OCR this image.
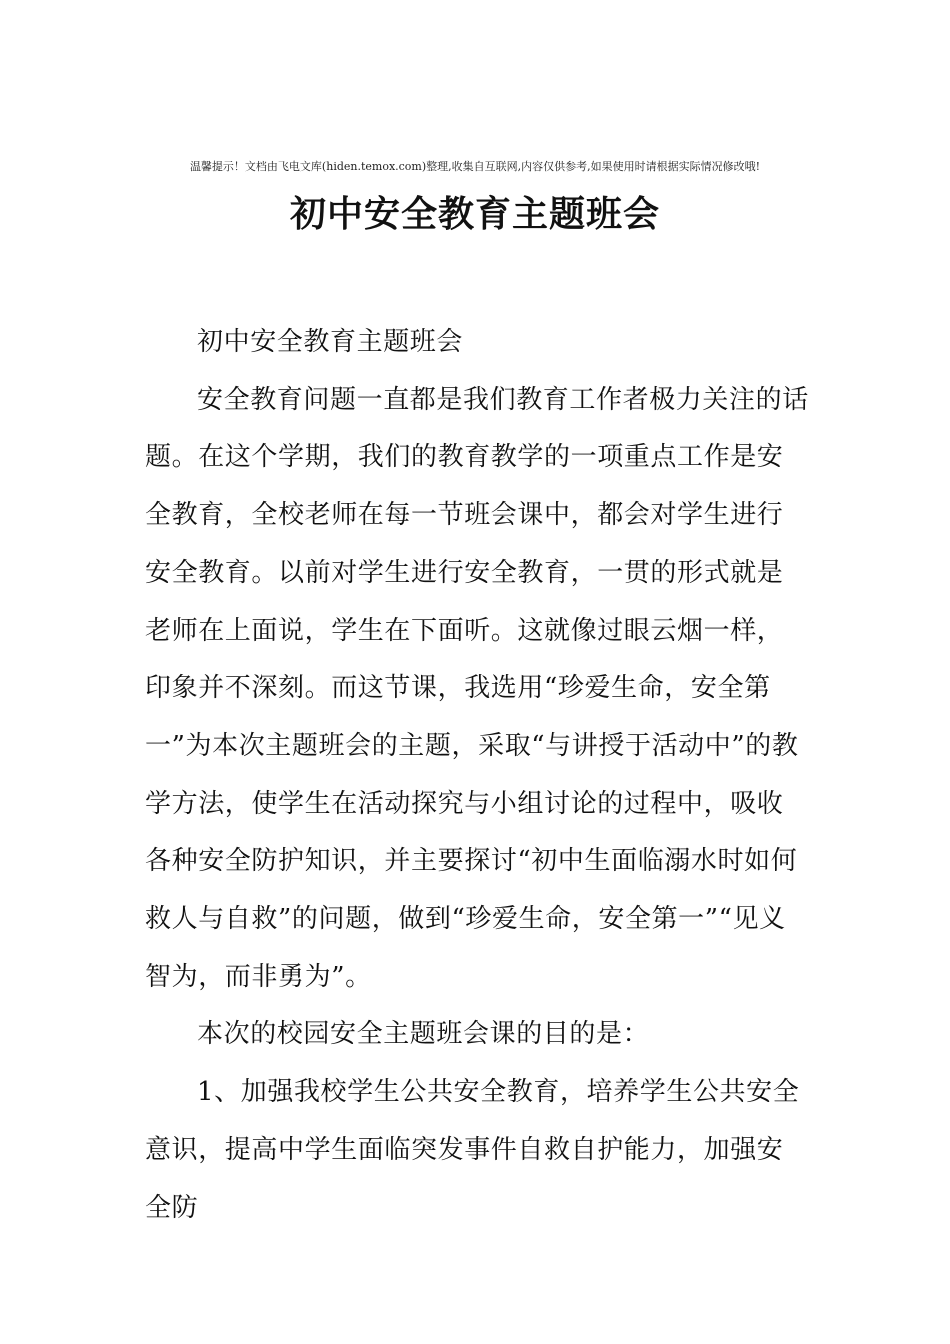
温馨提示！文档由飞电文库(hiden.temox.com)整理,收集自互联网,内容仅供参考,如果使用时请根据实际情况修改哦!
初中安全教育主题班会

初中安全教育主题班会

安全教育问题一直都是我们教育工作者极力关注的话题。在这个学期，我们的教育教学的一项重点工作是安全教育，全校老师在每一节班会课中，都会对学生进行安全教育。以前对学生进行安全教育，一贯的形式就是老师在上面说，学生在下面听。这就像过眼云烟一样，印象并不深刻。而这节课，我选用“珍爱生命，安全第一”为本次主题班会的主题，采取“与讲授于活动中”的教学方法，使学生在活动探究与小组讨论的过程中，吸收各种安全防护知识，并主要探讨“初中生面临溺水时如何救人与自救”的问题，做到“珍爱生命，安全第一”“见义智为，而非勇为”。

本次的校园安全主题班会课的目的是：

1、加强我校学生公共安全教育，培养学生公共安全意识，提高中学生面临突发事件自救自护能力，加强安全防
